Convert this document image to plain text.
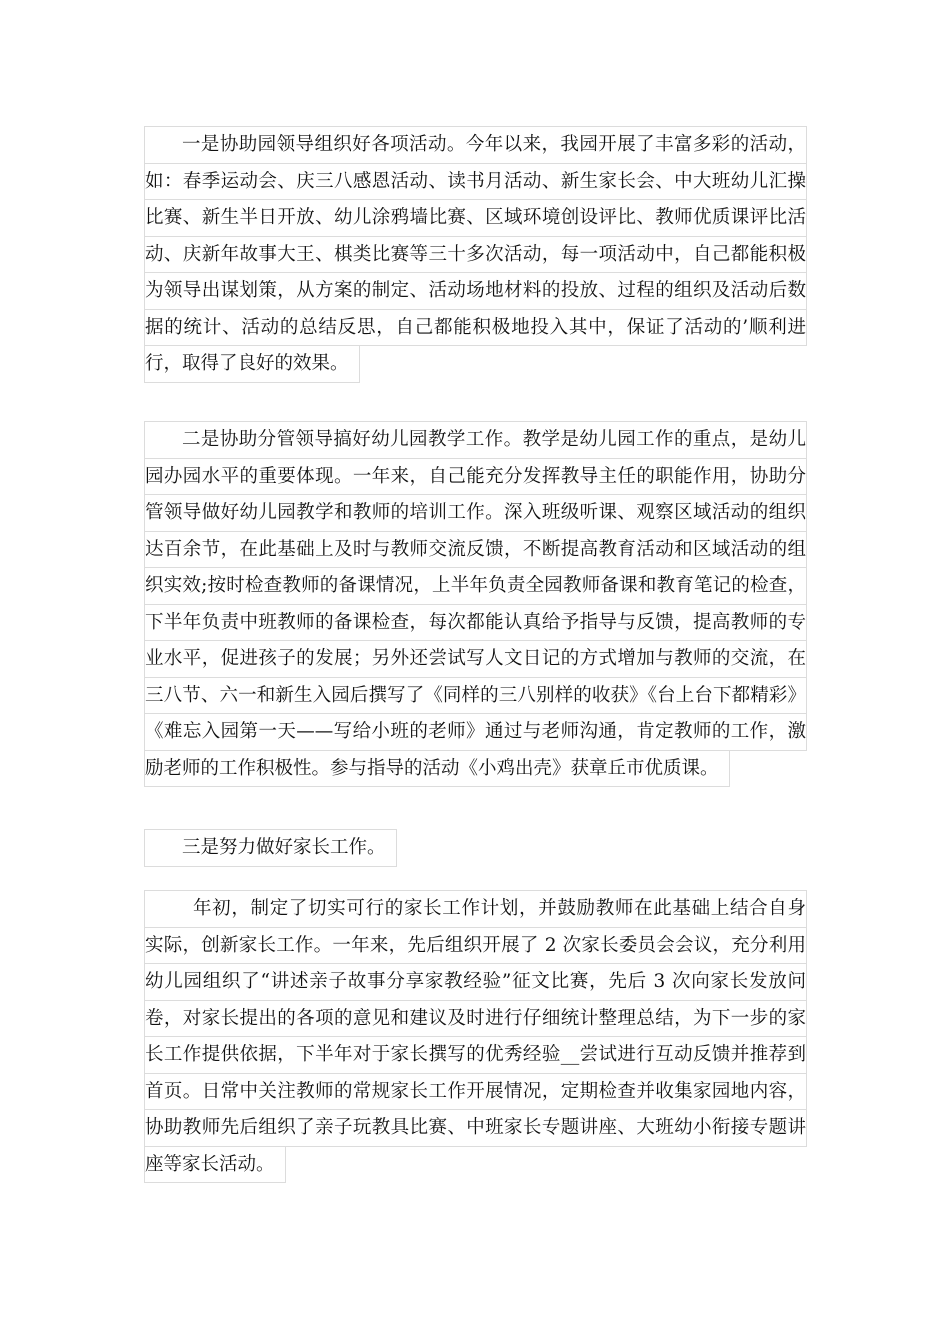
一是协助园领导组织好各项活动。今年以来，我园开展了丰富多彩的活动，
如：春季运动会、庆三八感恩活动、读书月活动、新生家长会、中大班幼儿汇操
比赛、新生半日开放、幼儿涂鸦墙比赛、区域环境创设评比、教师优质课评比活
动、庆新年故事大王、棋类比赛等三十多次活动，每一项活动中，自己都能积极
为领导出谋划策，从方案的制定、活动场地材料的投放、过程的组织及活动后数
据的统计、活动的总结反思，自己都能积极地投入其中，保证了活动的’顺利进
行，取得了良好的效果。
二是协助分管领导搞好幼儿园教学工作。教学是幼儿园工作的重点，是幼儿
园办园水平的重要体现。一年来，自己能充分发挥教导主任的职能作用，协助分
管领导做好幼儿园教学和教师的培训工作。深入班级听课、观察区域活动的组织
达百余节，在此基础上及时与教师交流反馈，不断提高教育活动和区域活动的组
织实效;按时检查教师的备课情况，上半年负责全园教师备课和教育笔记的检查，
下半年负责中班教师的备课检查，每次都能认真给予指导与反馈，提高教师的专
业水平，促进孩子的发展；另外还尝试写人文日记的方式增加与教师的交流，在
三八节、六一和新生入园后撰写了《同样的三八别样的收获》《台上台下都精彩》
《难忘入园第一天——写给小班的老师》通过与老师沟通，肯定教师的工作，激
励老师的工作积极性。参与指导的活动《小鸡出壳》获章丘市优质课。
三是努力做好家长工作。
年初，制定了切实可行的家长工作计划，并鼓励教师在此基础上结合自身
实际，创新家长工作。一年来，先后组织开展了 2 次家长委员会会议，充分利用
幼儿园组织了“讲述亲子故事分享家教经验”征文比赛，先后 3 次向家长发放问
卷，对家长提出的各项的意见和建议及时进行仔细统计整理总结，为下一步的家
长工作提供依据，下半年对于家长撰写的优秀经验__尝试进行互动反馈并推荐到
首页。日常中关注教师的常规家长工作开展情况，定期检查并收集家园地内容，
协助教师先后组织了亲子玩教具比赛、中班家长专题讲座、大班幼小衔接专题讲
座等家长活动。
